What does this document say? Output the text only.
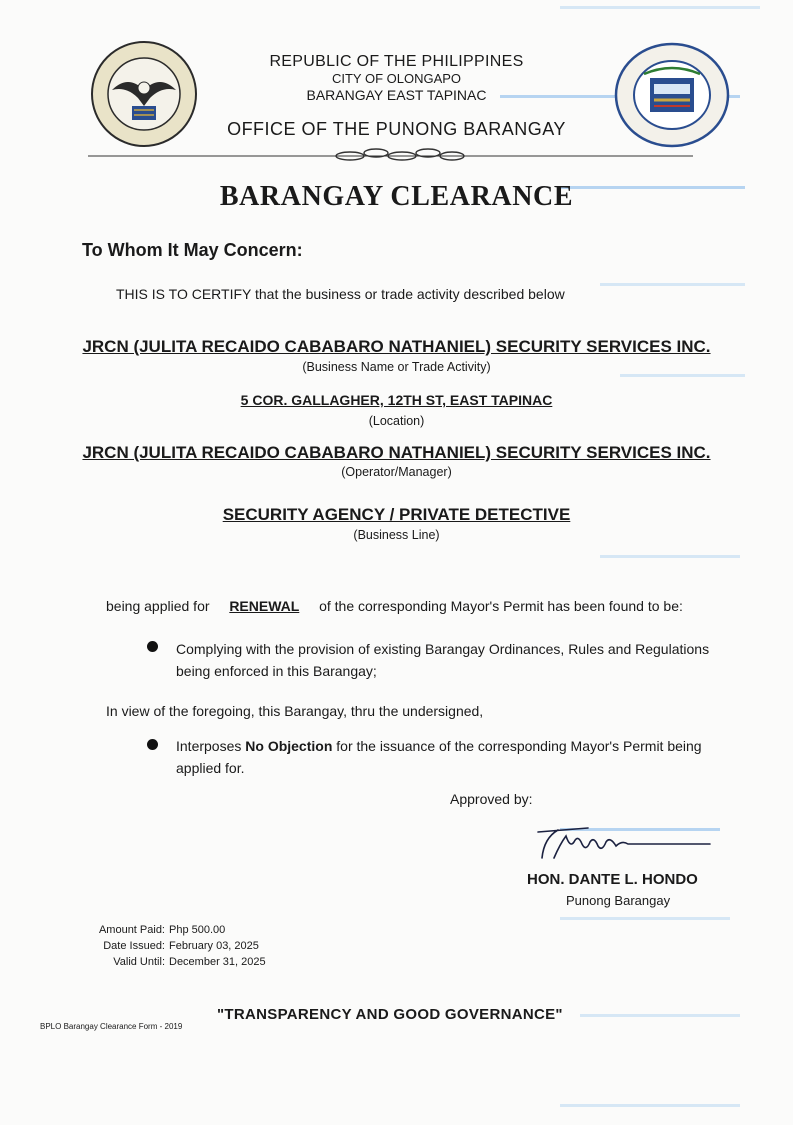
REPUBLIC OF THE PHILIPPINES
CITY OF OLONGAPO
BARANGAY EAST TAPINAC
OFFICE OF THE PUNONG BARANGAY
BARANGAY CLEARANCE
To Whom It May Concern:
THIS IS TO CERTIFY that the business or trade activity described below
JRCN (JULITA RECAIDO CABABARO NATHANIEL) SECURITY SERVICES INC.
(Business Name or Trade Activity)
5 COR. GALLAGHER, 12TH ST, EAST TAPINAC
(Location)
JRCN (JULITA RECAIDO CABABARO NATHANIEL) SECURITY SERVICES INC.
(Operator/Manager)
SECURITY AGENCY / PRIVATE DETECTIVE
(Business Line)
being applied for RENEWAL of the corresponding Mayor's Permit has been found to be:
Complying with the provision of existing Barangay Ordinances, Rules and Regulations
being enforced in this Barangay;
In view of the foregoing, this Barangay, thru the undersigned,
Interposes No Objection for the issuance of the corresponding Mayor's Permit being
applied for.
Approved by:
HON. DANTE L. HONDO
Punong Barangay
Amount Paid: Php 500.00
Date Issued: February 03, 2025
Valid Until: December 31, 2025
"TRANSPARENCY AND GOOD GOVERNANCE"
BPLO Barangay Clearance Form - 2019
